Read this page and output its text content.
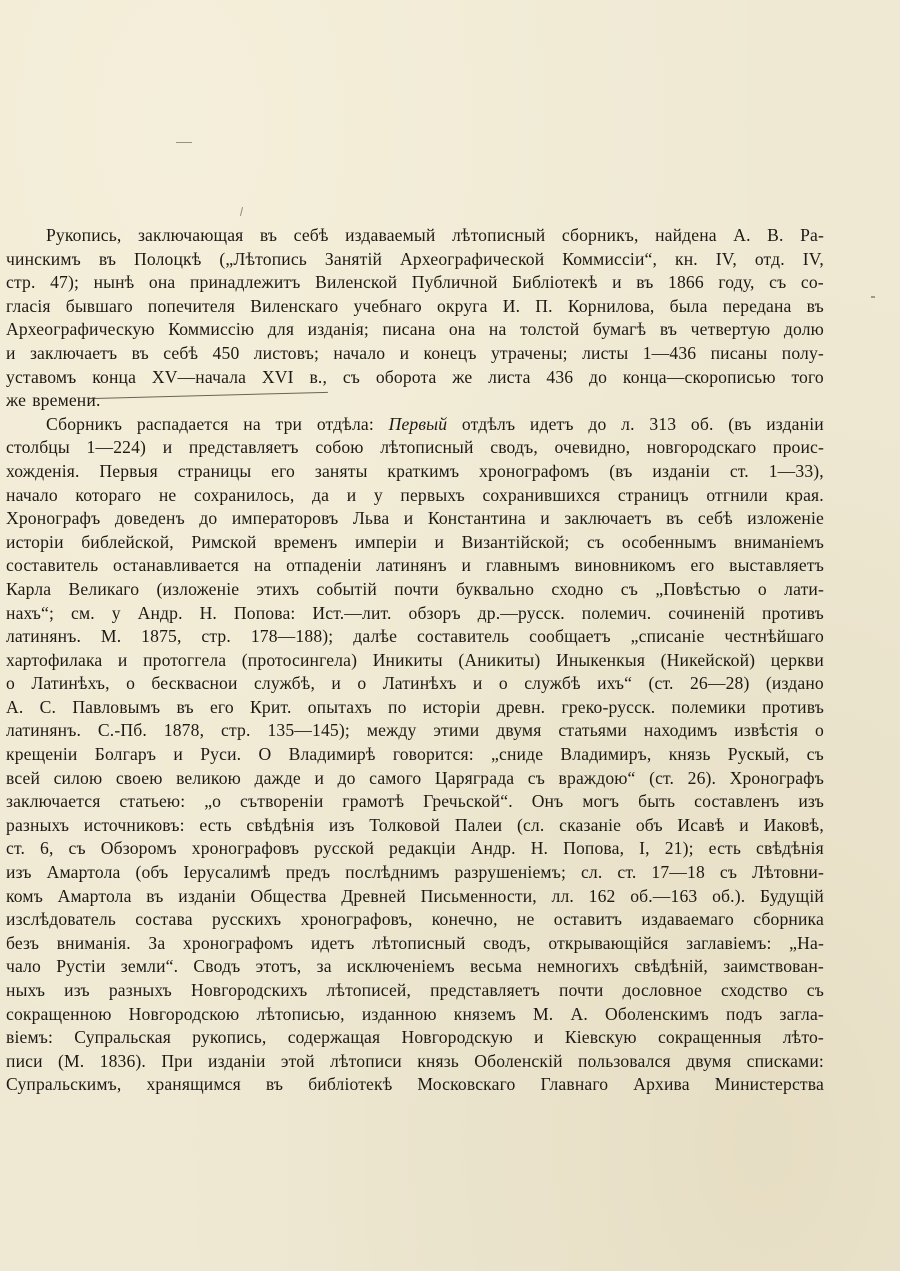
Рукопись, заключающая въ себѣ издаваемый лѣтописный сборникъ, найдена А. В. Ра-
чинскимъ въ Полоцкѣ („Лѣтопись Занятій Археографической Коммиссіи“, кн. IV, отд. IV,
стр. 47); нынѣ она принадлежитъ Виленской Публичной Библіотекѣ и въ 1866 году, съ со-
гласія бывшаго попечителя Виленскаго учебнаго округа И. П. Корнилова, была передана въ
Археографическую Коммиссію для изданія; писана она на толстой бумагѣ въ четвертую долю
и заключаетъ въ себѣ 450 листовъ; начало и конецъ утрачены; листы 1—436 писаны полу-
уставомъ конца XV—начала XVI в., съ оборота же листа 436 до конца—скорописью того
же времени.
Сборникъ распадается на три отдѣла: Первый отдѣлъ идетъ до л. 313 об. (въ изданіи
столбцы 1—224) и представляетъ собою лѣтописный сводъ, очевидно, новгородскаго проис-
хожденія. Первыя страницы его заняты краткимъ хронографомъ (въ изданіи ст. 1—33),
начало котораго не сохранилось, да и у первыхъ сохранившихся страницъ отгнили края.
Хронографъ доведенъ до императоровъ Льва и Константина и заключаетъ въ себѣ изложеніе
исторіи библейской, Римской временъ имперіи и Византійской; съ особеннымъ вниманіемъ
составитель останавливается на отпаденіи латинянъ и главнымъ виновникомъ его выставляетъ
Карла Великаго (изложеніе этихъ событій почти буквально сходно съ „Повѣстью о лати-
нахъ“; см. у Андр. Н. Попова: Ист.—лит. обзоръ др.—русск. полемич. сочиненій противъ
латинянъ. М. 1875, стр. 178—188); далѣе составитель сообщаетъ „списаніе честнѣйшаго
хартофилака и протоггела (протосингела) Иникиты (Аникиты) Иныкенкыя (Никейской) церкви
о Латинѣхъ, о бескваснои службѣ, и о Латинѣхъ и о службѣ ихъ“ (ст. 26—28) (издано
А. С. Павловымъ въ его Крит. опытахъ по исторіи древн. греко-русск. полемики противъ
латинянъ. С.-Пб. 1878, стр. 135—145); между этими двумя статьями находимъ извѣстія о
крещеніи Болгаръ и Руси. О Владимирѣ говорится: „сниде Владимиръ, князь Рускый, съ
всей силою своею великою дажде и до самого Царяграда съ враждою“ (ст. 26). Хронографъ
заключается статьею: „о сътвореніи грамотѣ Гречьской“. Онъ могъ быть составленъ изъ
разныхъ источниковъ: есть свѣдѣнія изъ Толковой Палеи (сл. сказаніе объ Исавѣ и Иаковѣ,
ст. 6, съ Обзоромъ хронографовъ русской редакціи Андр. Н. Попова, I, 21); есть свѣдѣнія
изъ Амартола (объ Іерусалимѣ предъ послѣднимъ разрушеніемъ; сл. ст. 17—18 съ Лѣтовни-
комъ Амартола въ изданіи Общества Древней Письменности, лл. 162 об.—163 об.). Будущій
изслѣдователь состава русскихъ хронографовъ, конечно, не оставитъ издаваемаго сборника
безъ вниманія. За хронографомъ идетъ лѣтописный сводъ, открывающійся заглавіемъ: „На-
чало Рустіи земли“. Сводъ этотъ, за исключеніемъ весьма немногихъ свѣдѣній, заимствован-
ныхъ изъ разныхъ Новгородскихъ лѣтописей, представляетъ почти дословное сходство съ
сокращенною Новгородскою лѣтописью, изданною княземъ М. А. Оболенскимъ подъ загла-
віемъ: Супральская рукопись, содержащая Новгородскую и Кіевскую сокращенныя лѣто-
писи (М. 1836). При изданіи этой лѣтописи князь Оболенскій пользовался двумя списками:
Супральскимъ, хранящимся въ библіотекѣ Московскаго Главнаго Архива Министерства
